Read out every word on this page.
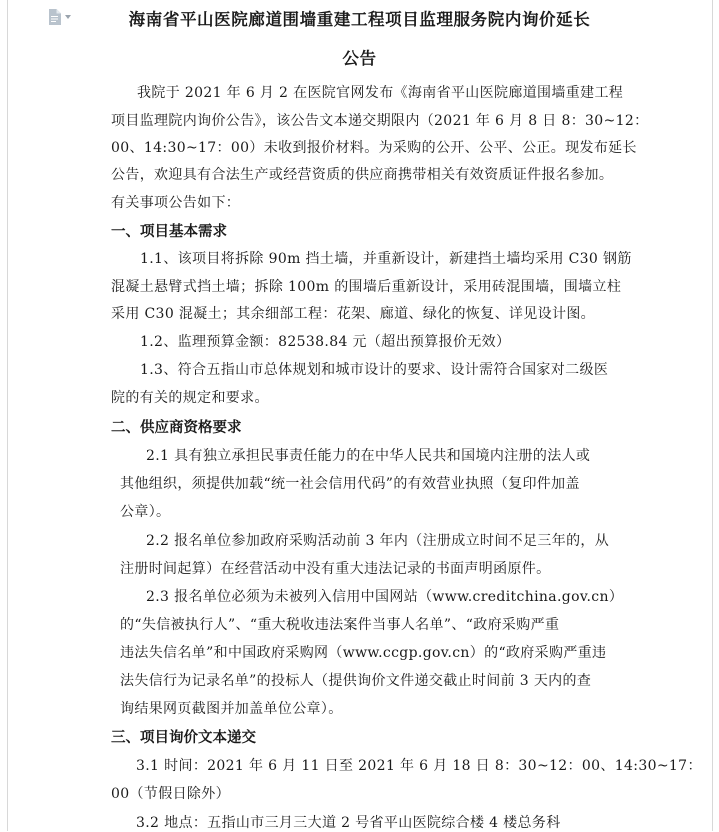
海南省平山医院廊道围墙重建工程项目监理服务院内询价延长
公告
我院于 2021 年 6 月 2 在医院官网发布《海南省平山医院廊道围墙重建工程
项目监理院内询价公告》，该公告文本递交期限内（2021 年 6 月 8 日 8：30~12：
00、14:30~17：00）未收到报价材料。为采购的公开、公平、公正。现发布延长
公告，欢迎具有合法生产或经营资质的供应商携带相关有效资质证件报名参加。
有关事项公告如下：
一、项目基本需求
1.1、该项目将拆除 90m 挡土墙，并重新设计，新建挡土墙均采用 C30 钢筋
混凝土悬臂式挡土墙；拆除 100m 的围墙后重新设计，采用砖混围墙，围墙立柱
采用 C30 混凝土；其余细部工程：花架、廊道、绿化的恢复、详见设计图。
1.2、监理预算金额：82538.84 元（超出预算报价无效）
1.3、符合五指山市总体规划和城市设计的要求、设计需符合国家对二级医
院的有关的规定和要求。
二、供应商资格要求
2.1 具有独立承担民事责任能力的在中华人民共和国境内注册的法人或
其他组织，须提供加载“统一社会信用代码”的有效营业执照（复印件加盖
公章）。
2.2 报名单位参加政府采购活动前 3 年内（注册成立时间不足三年的，从
注册时间起算）在经营活动中没有重大违法记录的书面声明函原件。
2.3 报名单位必须为未被列入信用中国网站（www.creditchina.gov.cn）
的“失信被执行人”、“重大税收违法案件当事人名单”、“政府采购严重
违法失信名单”和中国政府采购网（www.ccgp.gov.cn）的“政府采购严重违
法失信行为记录名单”的投标人（提供询价文件递交截止时间前 3 天内的查
询结果网页截图并加盖单位公章）。
三、项目询价文本递交
3.1 时间：2021 年 6 月 11 日至 2021 年 6 月 18 日 8：30~12：00、14:30~17：
00（节假日除外）
3.2 地点：五指山市三月三大道 2 号省平山医院综合楼 4 楼总务科
